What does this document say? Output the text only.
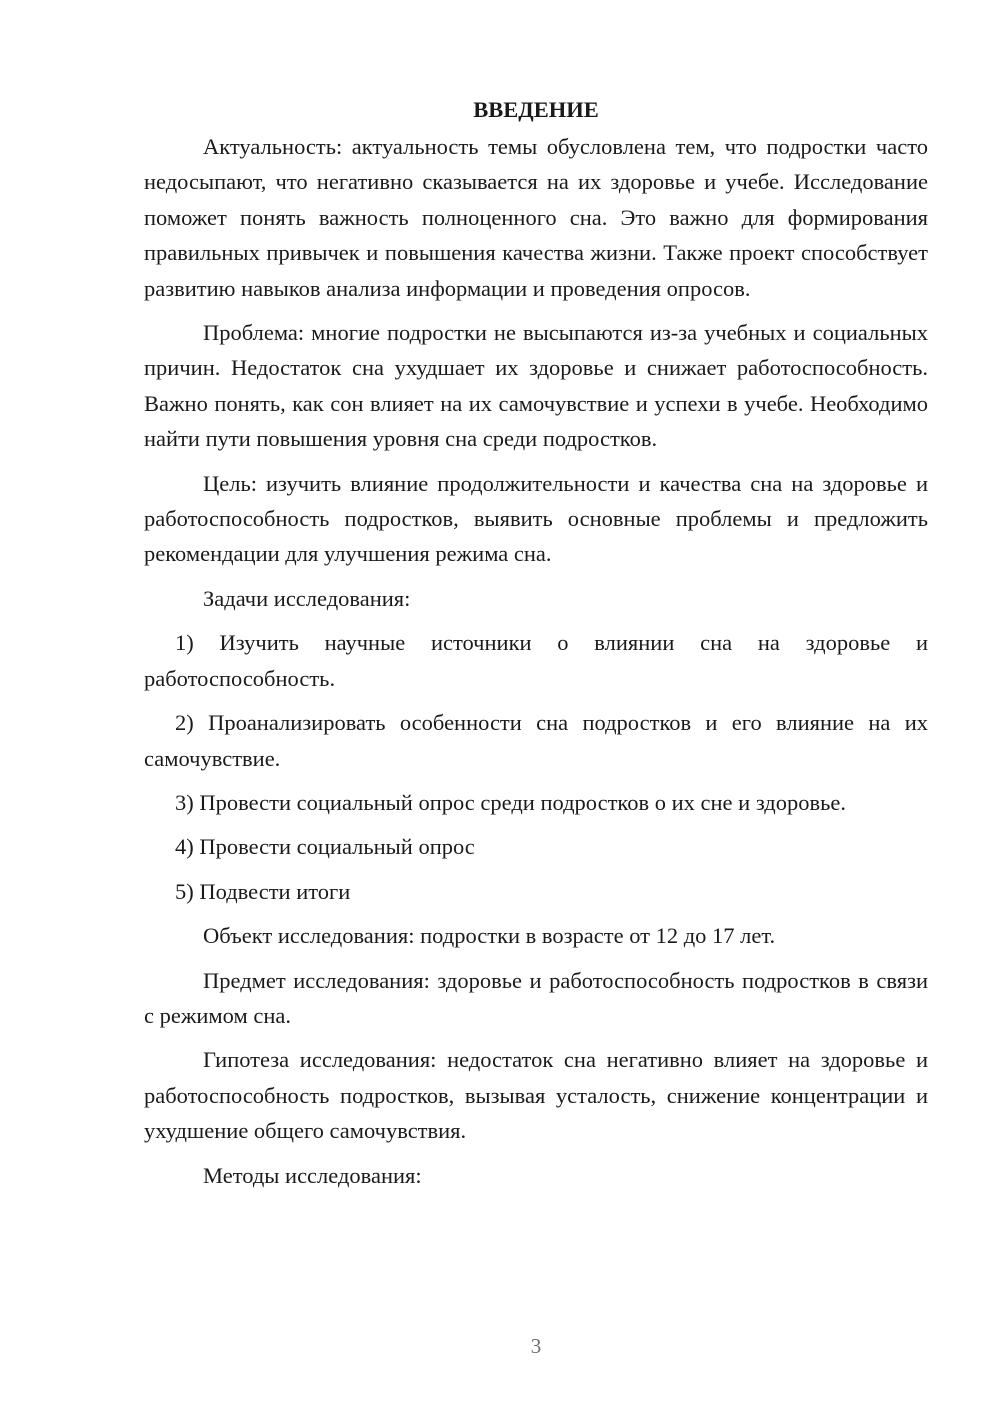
ВВЕДЕНИЕ

Актуальность: актуальность темы обусловлена тем, что подростки часто недосыпают, что негативно сказывается на их здоровье и учебе. Исследование поможет понять важность полноценного сна. Это важно для формирования правильных привычек и повышения качества жизни. Также проект способствует развитию навыков анализа информации и проведения опросов.

Проблема: многие подростки не высыпаются из-за учебных и социальных причин. Недостаток сна ухудшает их здоровье и снижает работоспособность. Важно понять, как сон влияет на их самочувствие и успехи в учебе. Необходимо найти пути повышения уровня сна среди подростков.

Цель: изучить влияние продолжительности и качества сна на здоровье и работоспособность подростков, выявить основные проблемы и предложить рекомендации для улучшения режима сна.

Задачи исследования:

1) Изучить научные источники о влиянии сна на здоровье и работоспособность.

2) Проанализировать особенности сна подростков и его влияние на их самочувствие.

3) Провести социальный опрос среди подростков о их сне и здоровье.

4) Провести социальный опрос

5) Подвести итоги

Объект исследования: подростки в возрасте от 12 до 17 лет.

Предмет исследования: здоровье и работоспособность подростков в связи с режимом сна.

Гипотеза исследования: недостаток сна негативно влияет на здоровье и работоспособность подростков, вызывая усталость, снижение концентрации и ухудшение общего самочувствия.

Методы исследования:

3
